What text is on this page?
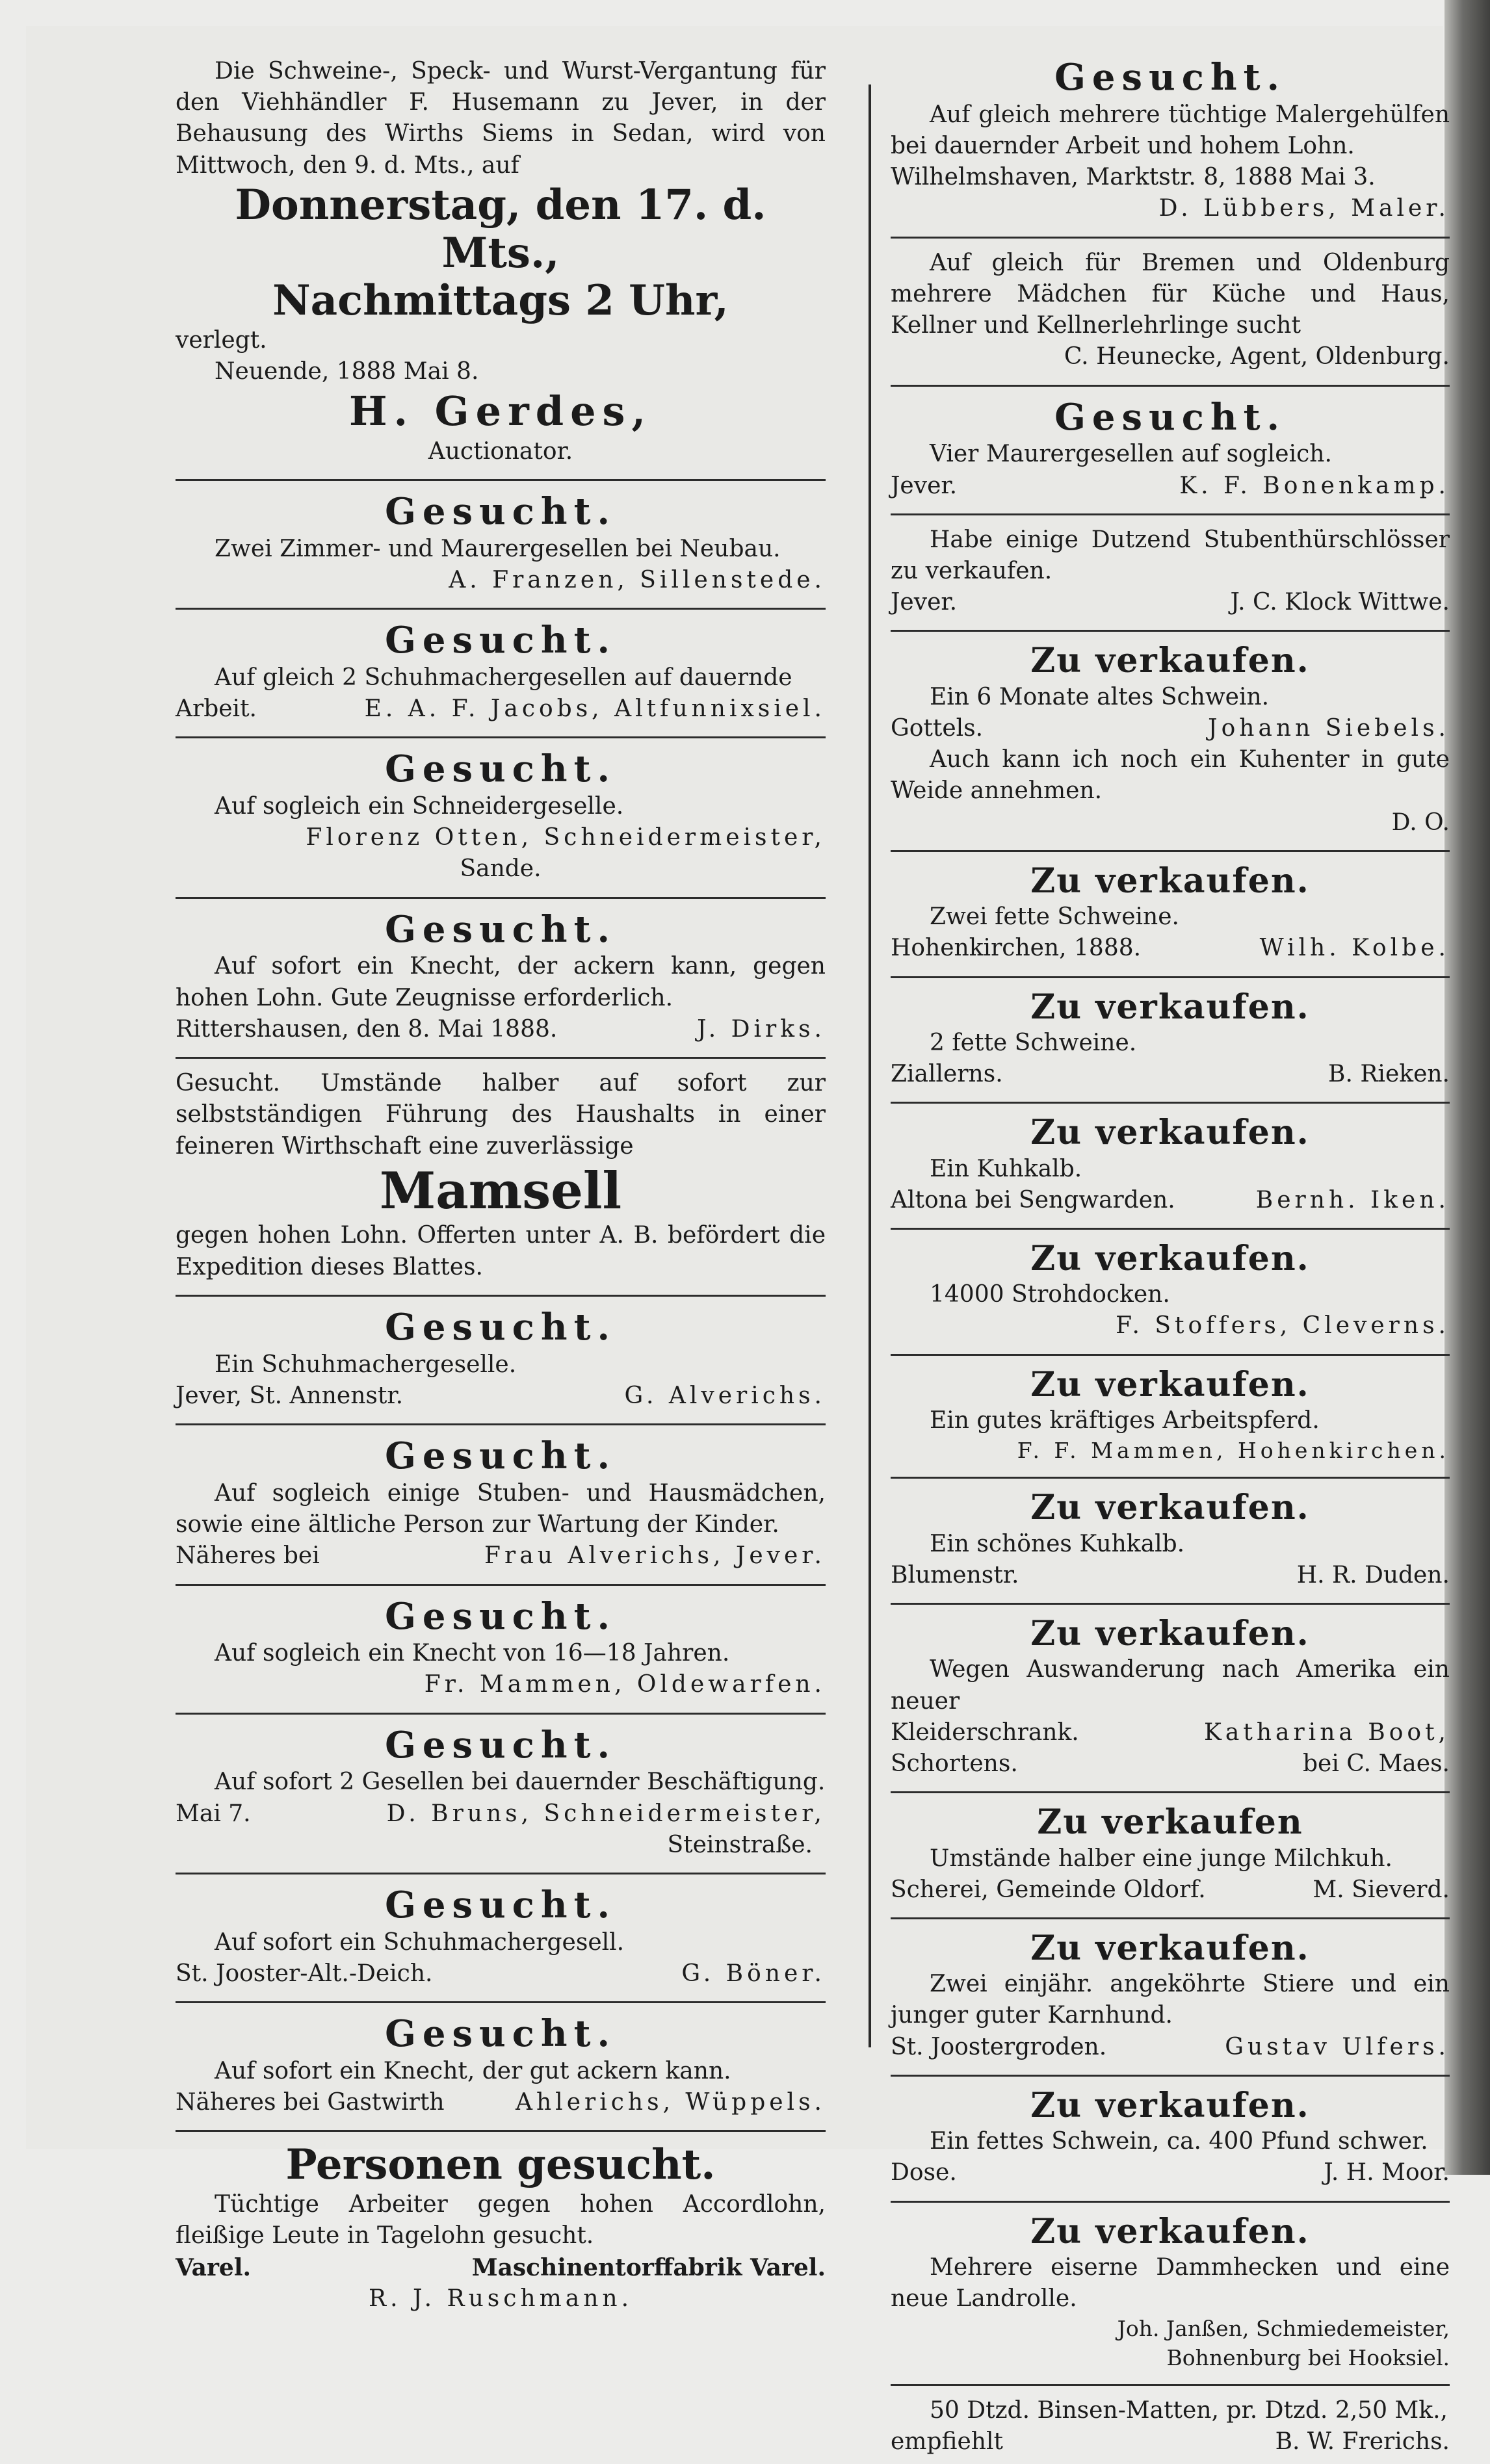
Die Schweine-, Speck- und Wurst-Vergantung für den Viehhändler F. Husemann zu Jever, in der Behausung des Wirths Siems in Sedan, wird von Mittwoch, den 9. d. Mts., auf

Donnerstag, den 17. d. Mts.,
Nachmittags 2 Uhr,
verlegt.
Neuende, 1888 Mai 8.
H. Gerdes,
Auctionator.
Gesucht.

Zwei Zimmer- und Maurergesellen bei Neubau.

A. Franzen, Sillenstede.
Gesucht.

Auf gleich 2 Schuhmachergesellen auf dauernde

Arbeit.	E. A. F. Jacobs, Altfunnixsiel.
Gesucht.

Auf sogleich ein Schneidergeselle.

Florenz Otten, Schneidermeister,
Sande.
Gesucht.

Auf sofort ein Knecht, der ackern kann, gegen hohen Lohn. Gute Zeugnisse erforderlich.

Rittershausen, den 8. Mai 1888.	J. Dirks.

Gesucht. Umstände halber auf sofort zur selbstständigen Führung des Haushalts in einer feineren Wirthschaft eine zuverlässige

Mamsell

gegen hohen Lohn. Offerten unter A. B. befördert die Expedition dieses Blattes.

Gesucht.

Ein Schuhmachergeselle.

Jever, St. Annenstr.	G. Alverichs.
Gesucht.

Auf sogleich einige Stuben- und Hausmädchen, sowie eine ältliche Person zur Wartung der Kinder.

Näheres bei	Frau Alverichs, Jever.
Gesucht.

Auf sogleich ein Knecht von 16—18 Jahren.

Fr. Mammen, Oldewarfen.
Gesucht.

Auf sofort 2 Gesellen bei dauernder Beschäftigung.

Mai 7.	D. Bruns, Schneidermeister,
Steinstraße.
Gesucht.

Auf sofort ein Schuhmachergesell.

St. Jooster-Alt.-Deich.	G. Böner.
Gesucht.

Auf sofort ein Knecht, der gut ackern kann.

Näheres bei Gastwirth	Ahlerichs, Wüppels.
Personen gesucht.

Tüchtige Arbeiter gegen hohen Accordlohn, fleißige Leute in Tagelohn gesucht.

Varel.	Maschinentorffabrik Varel.
R. J. Ruschmann.
Gesucht.

Auf gleich mehrere tüchtige Malergehülfen bei dauernder Arbeit und hohem Lohn.

Wilhelmshaven, Marktstr. 8, 1888 Mai 3.
D. Lübbers, Maler.

Auf gleich für Bremen und Oldenburg mehrere Mädchen für Küche und Haus, Kellner und Kellnerlehrlinge sucht

C. Heunecke, Agent, Oldenburg.
Gesucht.

Vier Maurergesellen auf sogleich.

Jever.	K. F. Bonenkamp.

Habe einige Dutzend Stubenthürschlösser zu verkaufen.

Jever.	J. C. Klock Wittwe.
Zu verkaufen.

Ein 6 Monate altes Schwein.

Gottels.	Johann Siebels.

Auch kann ich noch ein Kuhenter in gute Weide annehmen.

D. O.
Zu verkaufen.

Zwei fette Schweine.

Hohenkirchen, 1888.	Wilh. Kolbe.
Zu verkaufen.

2 fette Schweine.

Ziallerns.	B. Rieken.
Zu verkaufen.

Ein Kuhkalb.

Altona bei Sengwarden.	Bernh. Iken.
Zu verkaufen.

14000 Strohdocken.

F. Stoffers, Cleverns.
Zu verkaufen.

Ein gutes kräftiges Arbeitspferd.

F. F. Mammen, Hohenkirchen.
Zu verkaufen.

Ein schönes Kuhkalb.

Blumenstr.	H. R. Duden.
Zu verkaufen.

Wegen Auswanderung nach Amerika ein neuer

Kleiderschrank.	Katharina Boot,
Schortens.	bei C. Maes.
Zu verkaufen

Umstände halber eine junge Milchkuh.

Scherei, Gemeinde Oldorf.	M. Sieverd.
Zu verkaufen.

Zwei einjähr. angeköhrte Stiere und ein junger guter Karnhund.

St. Joostergroden.	Gustav Ulfers.
Zu verkaufen.

Ein fettes Schwein, ca. 400 Pfund schwer.

Dose.	J. H. Moor.
Zu verkaufen.

Mehrere eiserne Dammhecken und eine neue Landrolle.

Joh. Janßen, Schmiedemeister,
Bohnenburg bei Hooksiel.

50 Dtzd. Binsen-Matten, pr. Dtzd. 2,50 Mk.,

empfiehlt	B. W. Frerichs.
